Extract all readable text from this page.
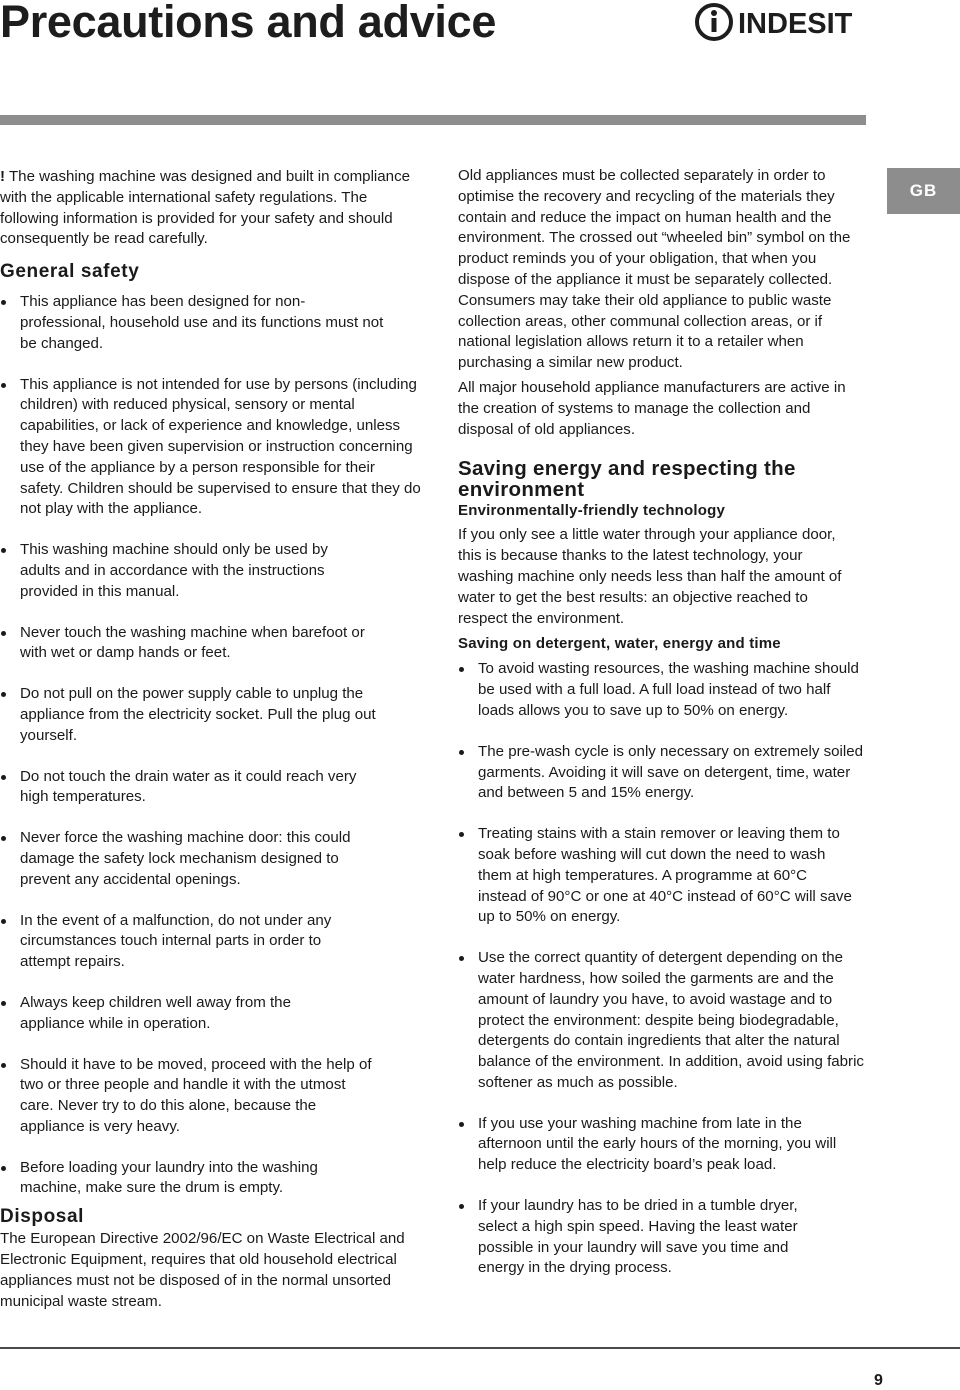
Precautions and advice	INDESIT
GB

! The washing machine was designed and built in compliance with the applicable international safety regulations. The following information is provided for your safety and should consequently be read carefully.

General safety
This appliance has been designed for non-professional, household use and its functions must not be changed.
This appliance is not intended for use by persons (including children) with reduced physical, sensory or mental capabilities, or lack of experience and knowledge, unless they have been given supervision or instruction concerning use of the appliance by a person responsible for their safety. Children should be supervised to ensure that they do not play with the appliance.
This washing machine should only be used by adults and in accordance with the instructions provided in this manual.
Never touch the washing machine when barefoot or with wet or damp hands or feet.
Do not pull on the power supply cable to unplug the appliance from the electricity socket. Pull the plug out yourself.
Do not touch the drain water as it could reach very high temperatures.
Never force the washing machine door: this could damage the safety lock mechanism designed to prevent any accidental openings.
In the event of a malfunction, do not under any circumstances touch internal parts in order to attempt repairs.
Always keep children well away from the appliance while in operation.
Should it have to be moved, proceed with the help of two or three people and handle it with the utmost care. Never try to do this alone, because the appliance is very heavy.
Before loading your laundry into the washing machine, make sure the drum is empty.
Disposal

The European Directive 2002/96/EC on Waste Electrical and Electronic Equipment, requires that old household electrical appliances must not be disposed of in the normal unsorted municipal waste stream.

Old appliances must be collected separately in order to optimise the recovery and recycling of the materials they contain and reduce the impact on human health and the environment. The crossed out “wheeled bin” symbol on the product reminds you of your obligation, that when you dispose of the appliance it must be separately collected. Consumers may take their old appliance to public waste collection areas, other communal collection areas, or if national legislation allows return it to a retailer when purchasing a similar new product.

All major household appliance manufacturers are active in the creation of systems to manage the collection and disposal of old appliances.

Saving energy and respecting the environment
Environmentally-friendly technology

If you only see a little water through your appliance door, this is because thanks to the latest technology, your washing machine only needs less than half the amount of water to get the best results: an objective reached to respect the environment.

Saving on detergent, water, energy and time
To avoid wasting resources, the washing machine should be used with a full load. A full load instead of two half loads allows you to save up to 50% on energy.
The pre-wash cycle is only necessary on extremely soiled garments. Avoiding it will save on detergent, time, water and between 5 and 15% energy.
Treating stains with a stain remover or leaving them to soak before washing will cut down the need to wash them at high temperatures. A programme at 60°C instead of 90°C or one at 40°C instead of 60°C will save up to 50% on energy.
Use the correct quantity of detergent depending on the water hardness, how soiled the garments are and the amount of laundry you have, to avoid wastage and to protect the environment: despite being biodegradable, detergents do contain ingredients that alter the natural balance of the environment. In addition, avoid using fabric softener as much as possible.
If you use your washing machine from late in the afternoon until the early hours of the morning, you will help reduce the electricity board’s peak load.
If your laundry has to be dried in a tumble dryer, select a high spin speed. Having the least water possible in your laundry will save you time and energy in the drying process.
9
